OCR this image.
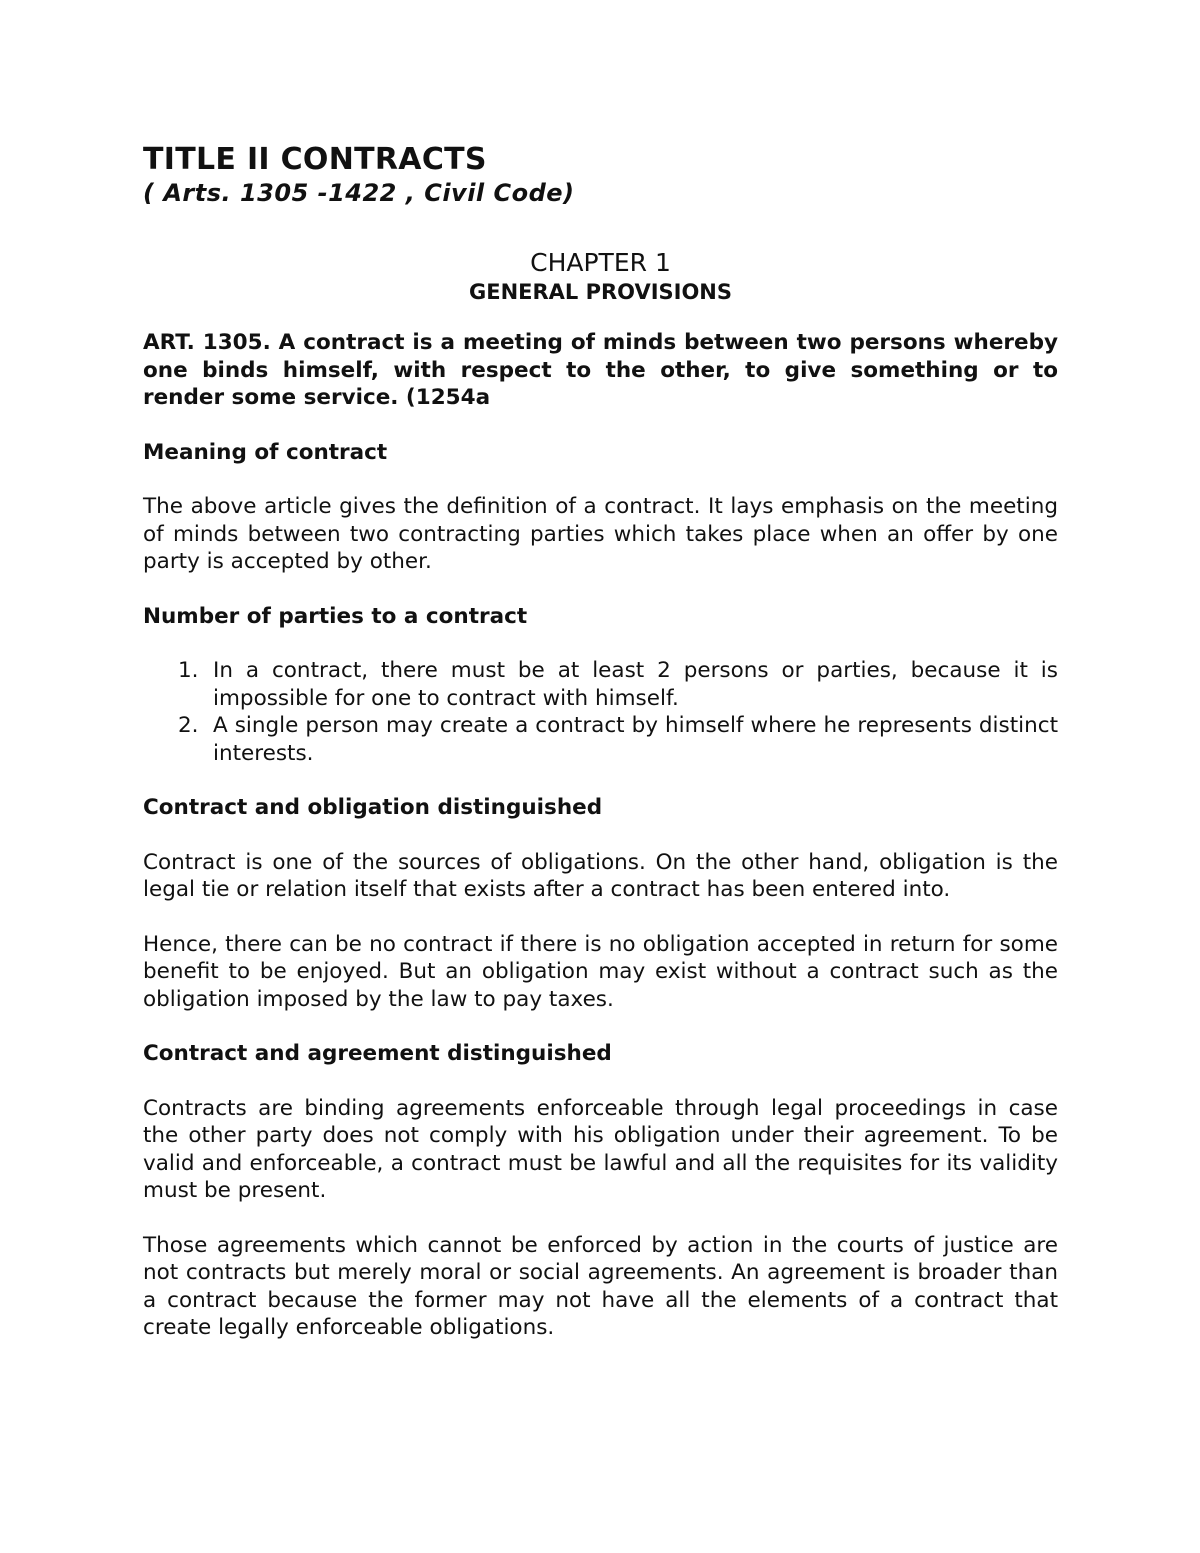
TITLE II CONTRACTS

( Arts. 1305 -1422 , Civil Code)

CHAPTER 1

GENERAL PROVISIONS

ART. 1305. A contract is a meeting of minds between two persons whereby one binds himself, with respect to the other, to give something or to render some service. (1254a

Meaning of contract

The above article gives the definition of a contract. It lays emphasis on the meeting of minds between two contracting parties which takes place when an offer by one party is accepted by other.

Number of parties to a contract

1. In a contract, there must be at least 2 persons or parties, because it is impossible for one to contract with himself.
2. A single person may create a contract by himself where he represents distinct interests.

Contract and obligation distinguished

Contract is one of the sources of obligations. On the other hand, obligation is the legal tie or relation itself that exists after a contract has been entered into.

Hence, there can be no contract if there is no obligation accepted in return for some benefit to be enjoyed. But an obligation may exist without a contract such as the obligation imposed by the law to pay taxes.

Contract and agreement distinguished

Contracts are binding agreements enforceable through legal proceedings in case the other party does not comply with his obligation under their agreement. To be valid and enforceable, a contract must be lawful and all the requisites for its validity must be present.

Those agreements which cannot be enforced by action in the courts of justice are not contracts but merely moral or social agreements. An agreement is broader than a contract because the former may not have all the elements of a contract that create legally enforceable obligations.
